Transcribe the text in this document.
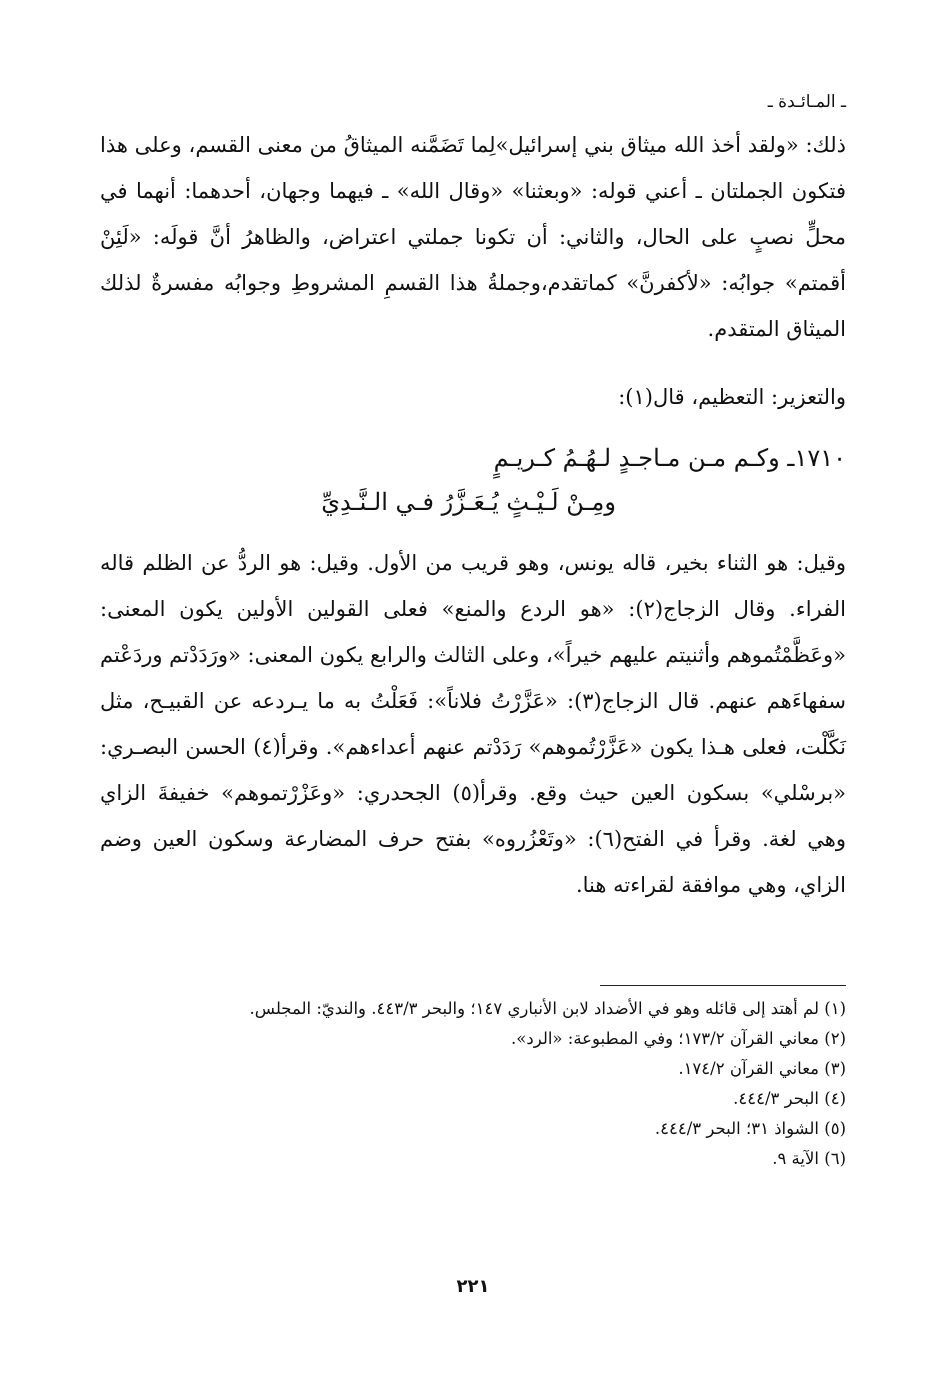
ـ المـائـدة ـ

ذلك: «ولقد أخذ الله ميثاق بني إسرائيل»لِما تَضَمَّنه الميثاقُ من معنى القسم، وعلى هذا فتكون الجملتان ـ أعني قوله: «وبعثنا» «وقال الله» ـ فيهما وجهان، أحدهما: أنهما في محلٍّ نصبٍ على الحال، والثاني: أن تكونا جملتي اعتراض، والظاهرُ أنَّ قولَه: «لَئِنْ أقمتم» جوابُه: «لأكفرنَّ» كماتقدم،وجملةُ هذا القسمِ المشروطِ وجوابُه مفسرةٌ لذلك الميثاق المتقدم.

والتعزير: التعظيم، قال(١):

١٧١٠ـ وكـم مـن مـاجـدٍ لـهُـمُ كـريـمٍ
ومِـنْ لَـيْـثٍ يُـعَـزَّرُ فـي الـنَّـدِيِّ

وقيل: هو الثناء بخير، قاله يونس، وهو قريب من الأول. وقيل: هو الردُّ عن الظلم قاله الفراء. وقال الزجاج(٢): «هو الردع والمنع» فعلى القولين الأولين يكون المعنى: «وعَظَّمْتُموهم وأثنيتم عليهم خيراً»، وعلى الثالث والرابع يكون المعنى: «ورَدَدْتم وردَعْتم سفهاءَهم عنهم. قال الزجاج(٣): «عَزَّرْتُ فلاناً»: فَعَلْتُ به ما يـردعه عن القبيـح، مثل نَكَّلْت، فعلى هـذا يكون «عَزَّرْتُموهم» رَدَدْتم عنهم أعداءهم». وقرأ(٤) الحسن البصـري: «برسْلي» بسكون العين حيث وقع. وقرأ(٥) الجحدري: «وعَزْرْتموهم» خفيفةَ الزاي وهي لغة. وقرأ في الفتح(٦): «وتَعْزُروه» بفتح حرف المضارعة وسكون العين وضم الزاي، وهي موافقة لقراءته هنا.

(١) لم أهتد إلى قائله وهو في الأضداد لابن الأنباري ١٤٧؛ والبحر ٤٤٣/٣. والنديّ: المجلس.

(٢) معاني القرآن ١٧٣/٢؛ وفي المطبوعة: «الرد».

(٣) معاني القرآن ١٧٤/٢.

(٤) البحر ٤٤٤/٣.

(٥) الشواذ ٣١؛ البحر ٤٤٤/٣.

(٦) الآية ٩.

٢٢١
